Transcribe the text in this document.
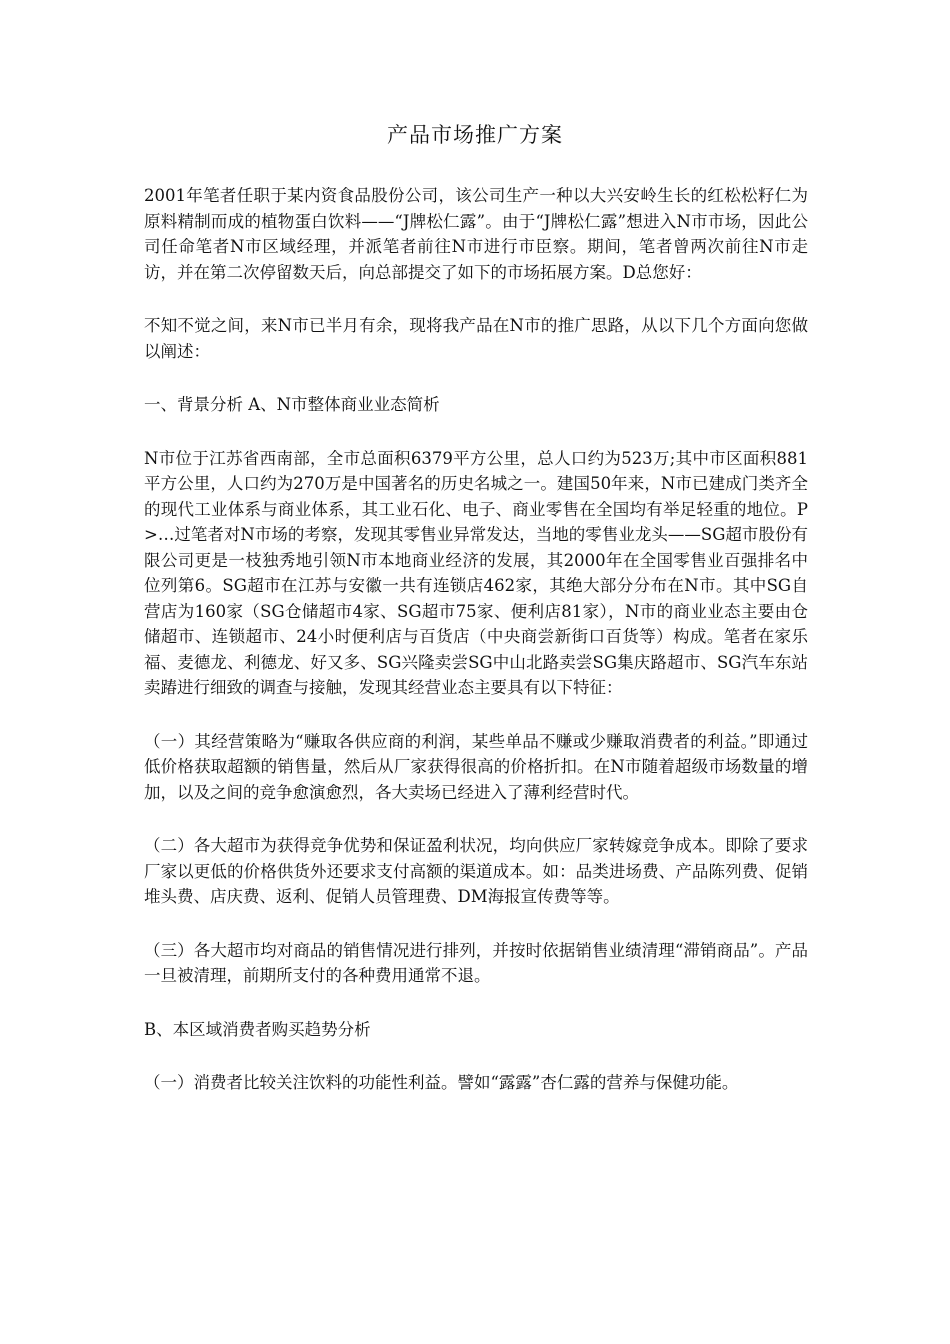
产品市场推广方案

2001年笔者任职于某内资食品股份公司，该公司生产一种以大兴安岭生长的红松松籽仁为原料精制而成的植物蛋白饮料——“J牌松仁露”。由于“J牌松仁露”想进入N市市场，因此公司任命笔者N市区域经理，并派笔者前往N市进行市臣察。期间，笔者曾两次前往N市走访，并在第二次停留数天后，向总部提交了如下的市场拓展方案。D总您好：

不知不觉之间，来N市已半月有余，现将我产品在N市的推广思路，从以下几个方面向您做以阐述：

一、背景分析 A、N市整体商业业态简析

N市位于江苏省西南部，全市总面积6379平方公里，总人口约为523万;其中市区面积881平方公里，人口约为270万是中国著名的历史名城之一。建国50年来，N市已建成门类齐全的现代工业体系与商业体系，其工业石化、电子、商业零售在全国均有举足轻重的地位。P>…过笔者对N市场的考察，发现其零售业异常发达，当地的零售业龙头——SG超市股份有限公司更是一枝独秀地引领N市本地商业经济的发展，其2000年在全国零售业百强排名中位列第6。SG超市在江苏与安徽一共有连锁店462家，其绝大部分分布在N市。其中SG自营店为160家（SG仓储超市4家、SG超市75家、便利店81家），N市的商业业态主要由仓储超市、连锁超市、24小时便利店与百货店（中央商尝新街口百货等）构成。笔者在家乐福、麦德龙、利德龙、好又多、SG兴隆卖尝SG中山北路卖尝SG集庆路超市、SG汽车东站卖踳进行细致的调查与接触，发现其经营业态主要具有以下特征：

（一）其经营策略为“赚取各供应商的利润，某些单品不赚或少赚取消费者的利益。”即通过低价格获取超额的销售量，然后从厂家获得很高的价格折扣。在N市随着超级市场数量的增加，以及之间的竞争愈演愈烈，各大卖场已经进入了薄利经营时代。

（二）各大超市为获得竞争优势和保证盈利状况，均向供应厂家转嫁竞争成本。即除了要求厂家以更低的价格供货外还要求支付高额的渠道成本。如：品类进场费、产品陈列费、促销堆头费、店庆费、返利、促销人员管理费、DM海报宣传费等等。

（三）各大超市均对商品的销售情况进行排列，并按时依据销售业绩清理“滞销商品”。产品一旦被清理，前期所支付的各种费用通常不退。

B、本区域消费者购买趋势分析

（一）消费者比较关注饮料的功能性利益。譬如“露露”杏仁露的营养与保健功能。
